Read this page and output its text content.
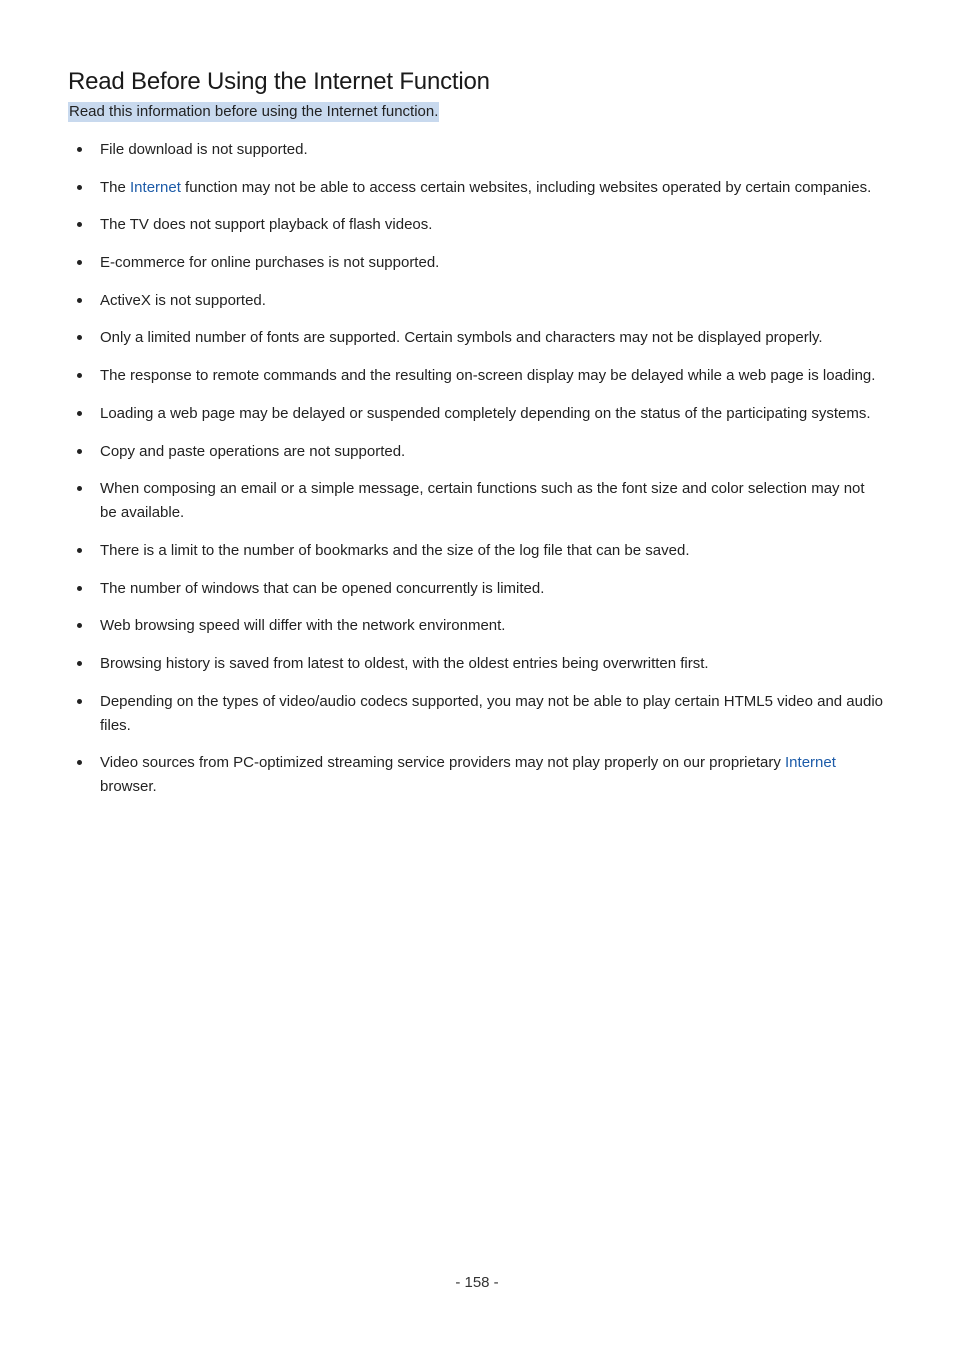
Read Before Using the Internet Function
Read this information before using the Internet function.
File download is not supported.
The Internet function may not be able to access certain websites, including websites operated by certain companies.
The TV does not support playback of flash videos.
E-commerce for online purchases is not supported.
ActiveX is not supported.
Only a limited number of fonts are supported. Certain symbols and characters may not be displayed properly.
The response to remote commands and the resulting on-screen display may be delayed while a web page is loading.
Loading a web page may be delayed or suspended completely depending on the status of the participating systems.
Copy and paste operations are not supported.
When composing an email or a simple message, certain functions such as the font size and color selection may not be available.
There is a limit to the number of bookmarks and the size of the log file that can be saved.
The number of windows that can be opened concurrently is limited.
Web browsing speed will differ with the network environment.
Browsing history is saved from latest to oldest, with the oldest entries being overwritten first.
Depending on the types of video/audio codecs supported, you may not be able to play certain HTML5 video and audio files.
Video sources from PC-optimized streaming service providers may not play properly on our proprietary Internet browser.
- 158 -
